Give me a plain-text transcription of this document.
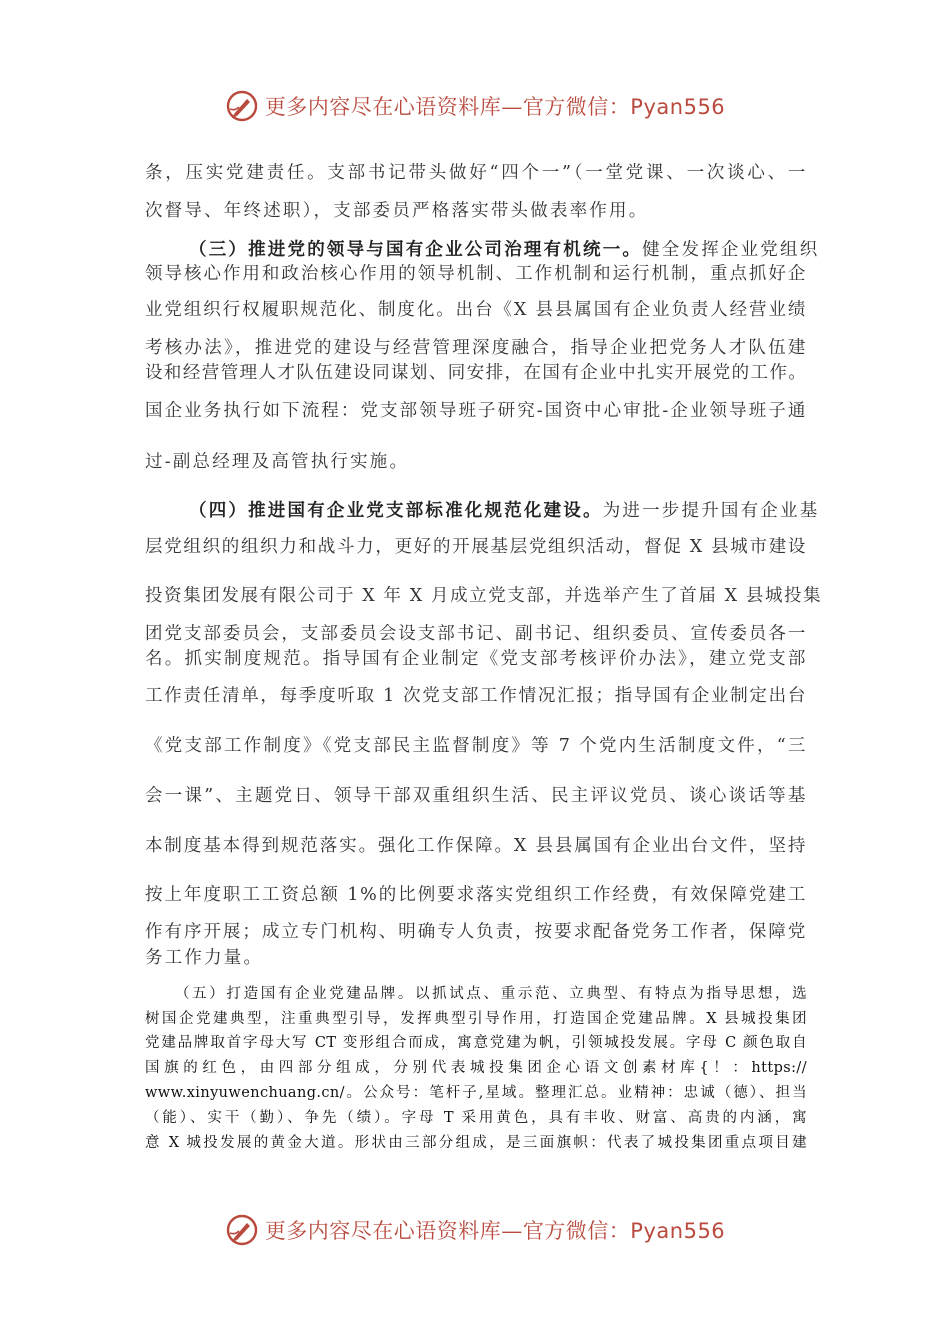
更多内容尽在心语资料库—官方微信：Pyan556
条，压实党建责任。支部书记带头做好“四个一”（一堂党课、一次谈心、一
次督导、年终述职），支部委员严格落实带头做表率作用。
（三）推进党的领导与国有企业公司治理有机统一。健全发挥企业党组织
领导核心作用和政治核心作用的领导机制、工作机制和运行机制，重点抓好企
业党组织行权履职规范化、制度化。出台《X 县县属国有企业负责人经营业绩
考核办法》，推进党的建设与经营管理深度融合，指导企业把党务人才队伍建
设和经营管理人才队伍建设同谋划、同安排，在国有企业中扎实开展党的工作。
国企业务执行如下流程：党支部领导班子研究-国资中心审批-企业领导班子通
过-副总经理及高管执行实施。
（四）推进国有企业党支部标准化规范化建设。为进一步提升国有企业基
层党组织的组织力和战斗力，更好的开展基层党组织活动，督促 X 县城市建设
投资集团发展有限公司于 X 年 X 月成立党支部，并选举产生了首届 X 县城投集
团党支部委员会，支部委员会设支部书记、副书记、组织委员、宣传委员各一
名。抓实制度规范。指导国有企业制定《党支部考核评价办法》，建立党支部
工作责任清单，每季度听取 1 次党支部工作情况汇报；指导国有企业制定出台
《党支部工作制度》《党支部民主监督制度》等 7 个党内生活制度文件，“三
会一课”、主题党日、领导干部双重组织生活、民主评议党员、谈心谈话等基
本制度基本得到规范落实。强化工作保障。X 县县属国有企业出台文件，坚持
按上年度职工工资总额 1%的比例要求落实党组织工作经费，有效保障党建工
作有序开展；成立专门机构、明确专人负责，按要求配备党务工作者，保障党
务工作力量。
（五）打造国有企业党建品牌。以抓试点、重示范、立典型、有特点为指导思想，选
树国企党建典型，注重典型引导，发挥典型引导作用，打造国企党建品牌。X 县城投集团
党建品牌取首字母大写 CT 变形组合而成，寓意党建为帆，引领城投发展。字母 C 颜色取自
国旗的红色，由四部分组成，分别代表城投集团企心语文创素材库{！：https://
www.xinyuwenchuang.cn/。公众号：笔杆子,星域。整理汇总。业精神：忠诚（德）、担当
（能）、实干（勤）、争先（绩）。字母 T 采用黄色，具有丰收、财富、高贵的内涵，寓
意 X 城投发展的黄金大道。形状由三部分组成，是三面旗帜：代表了城投集团重点项目建
更多内容尽在心语资料库—官方微信：Pyan556
